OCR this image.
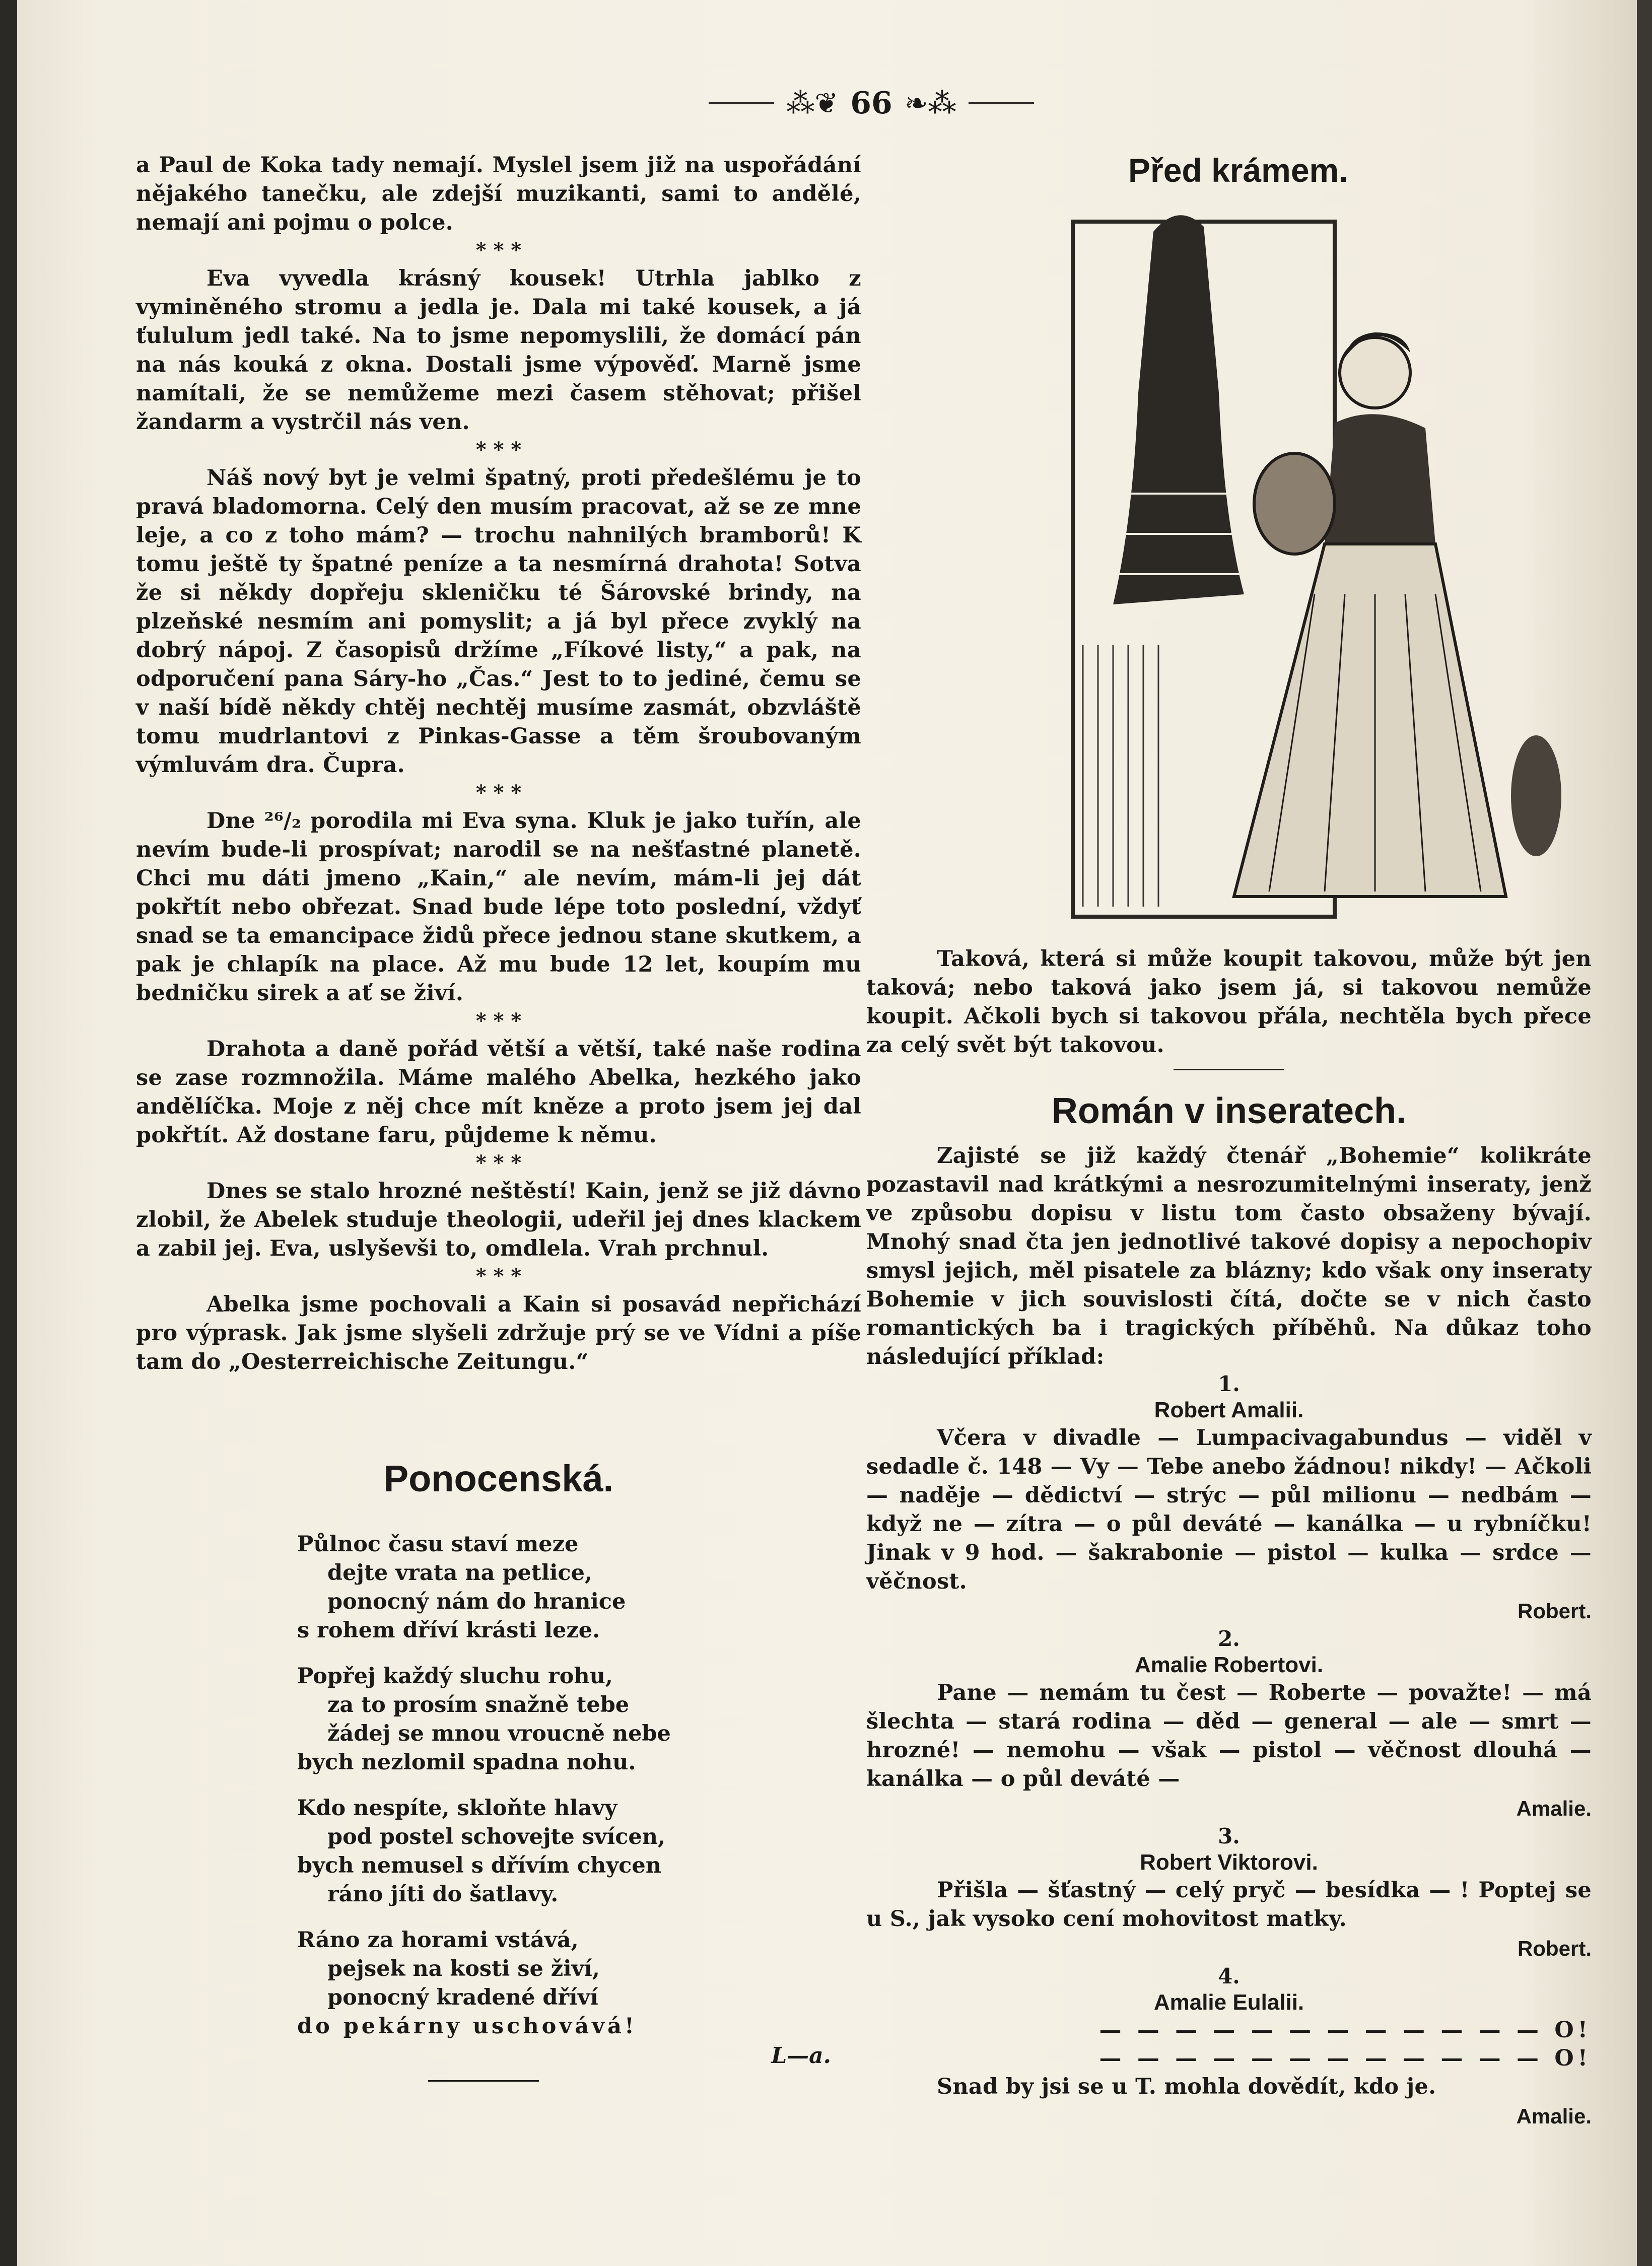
⁂❦ 66 ❧⁂

a Paul de Koka tady nemají. Myslel jsem již na uspořádání nějakého tanečku, ale zdejší muzikanti, sami to andělé, nemají ani pojmu o polce.

* * *

Eva vyvedla krásný kousek! Utrhla jablko z vyminěného stromu a jedla je. Dala mi také kousek, a já ťululum jedl také. Na to jsme nepomyslili, že domácí pán na nás kouká z okna. Dostali jsme výpověď. Marně jsme namítali, že se nemůžeme mezi časem stěhovat; přišel žandarm a vystrčil nás ven.

* * *

Náš nový byt je velmi špatný, proti předešlému je to pravá bladomorna. Celý den musím pracovat, až se ze mne leje, a co z toho mám? — trochu nahnilých bramborů! K tomu ještě ty špatné peníze a ta nesmírná drahota! Sotva že si někdy dopřeju skleničku té Šárovské brindy, na plzeňské nesmím ani pomyslit; a já byl přece zvyklý na dobrý nápoj. Z časopisů držíme „Fíkové listy,“ a pak, na odporučení pana Sáry-ho „Čas.“ Jest to to jediné, čemu se v naší bídě někdy chtěj nechtěj musíme zasmát, obzvláště tomu mudrlantovi z Pinkas-Gasse a těm šroubovaným výmluvám dra. Čupra.

* * *

Dne ²⁶/₂ porodila mi Eva syna. Kluk je jako tuřín, ale nevím bude-li prospívat; narodil se na nešťastné planetě. Chci mu dáti jmeno „Kain,“ ale nevím, mám-li jej dát pokřtít nebo obřezat. Snad bude lépe toto poslední, vždyť snad se ta emancipace židů přece jednou stane skutkem, a pak je chlapík na place. Až mu bude 12 let, koupím mu bedničku sirek a ať se živí.

* * *

Drahota a daně pořád větší a větší, také naše rodina se zase rozmnožila. Máme malého Abelka, hezkého jako andělíčka. Moje z něj chce mít kněze a proto jsem jej dal pokřtít. Až dostane faru, půjdeme k němu.

* * *

Dnes se stalo hrozné neštěstí! Kain, jenž se již dávno zlobil, že Abelek studuje theologii, udeřil jej dnes klackem a zabil jej. Eva, uslyševši to, omdlela. Vrah prchnul.

* * *

Abelka jsme pochovali a Kain si posavád nepřichází pro výprask. Jak jsme slyšeli zdržuje prý se ve Vídni a píše tam do „Oesterreichische Zeitungu.“

Ponocenská.
Půlnoc času staví meze
dejte vrata na petlice,
ponocný nám do hranice
s rohem dříví krásti leze.
Popřej každý sluchu rohu,
za to prosím snažně tebe
žádej se mnou vroucně nebe
bych nezlomil spadna nohu.
Kdo nespíte, skloňte hlavy
pod postel schovejte svícen,
bych nemusel s dřívím chycen
ráno jíti do šatlavy.
Ráno za horami vstává,
pejsek na kosti se živí,
ponocný kradené dříví
do pekárny uschovává!
L—a.
Před krámem.

Taková, která si může koupit takovou, může být jen taková; nebo taková jako jsem já, si takovou nemůže koupit. Ačkoli bych si takovou přála, nechtěla bych přece za celý svět být takovou.

Román v inseratech.

Zajisté se již každý čtenář „Bohemie“ kolikráte pozastavil nad krátkými a nesrozumitelnými inseraty, jenž ve způsobu dopisu v listu tom často obsaženy bývají. Mnohý snad čta jen jednotlivé takové dopisy a nepochopiv smysl jejich, měl pisatele za blázny; kdo však ony inseraty Bohemie v jich souvislosti čítá, dočte se v nich často romantických ba i tragických příběhů. Na důkaz toho následující příklad:

1.
Robert Amalii.

Včera v divadle — Lumpacivagabundus — viděl v sedadle č. 148 — Vy — Tebe anebo žádnou! nikdy! — Ačkoli — naděje — dědictví — strýc — půl milionu — nedbám — když ne — zítra — o půl deváté — kanálka — u rybníčku! Jinak v 9 hod. — šakrabonie — pistol — kulka — srdce — věčnost.

Robert.
2.
Amalie Robertovi.

Pane — nemám tu čest — Roberte — považte! — má šlechta — stará rodina — děd — general — ale — smrt — hrozné! — nemohu — však — pistol — věčnost dlouhá — kanálka — o půl deváté —

Amalie.
3.
Robert Viktorovi.

Přišla — šťastný — celý pryč — besídka — ! Poptej se u S., jak vysoko cení mohovitost matky.

Robert.
4.
Amalie Eulalii.
— — — — — — — — — — — — O!
— — — — — — — — — — — — O!

Snad by jsi se u T. mohla dovědít, kdo je.

Amalie.
